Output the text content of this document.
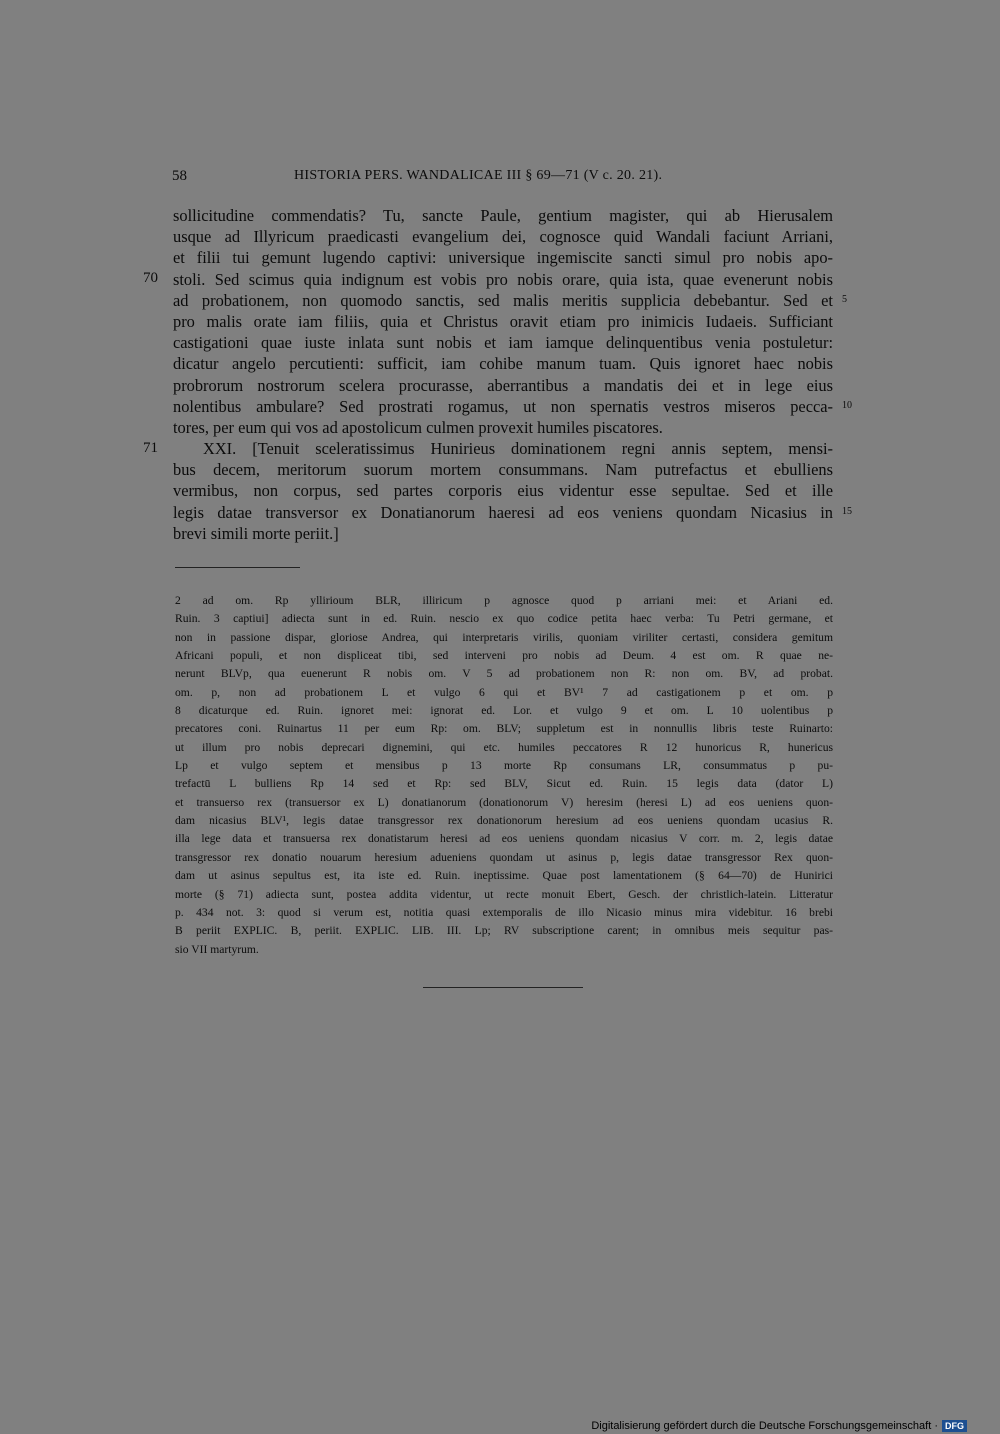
58	HISTORIA PERS. WANDALICAE III § 69—71 (V c. 20. 21).
70
71
5
10
15
sollicitudine commendatis? Tu, sancte Paule, gentium magister, qui ab Hierusalem
usque ad Illyricum praedicasti evangelium dei, cognosce quid Wandali faciunt Arriani,
et filii tui gemunt lugendo captivi: universique ingemiscite sancti simul pro nobis apo-
stoli. Sed scimus quia indignum est vobis pro nobis orare, quia ista, quae evenerunt nobis
ad probationem, non quomodo sanctis, sed malis meritis supplicia debebantur. Sed et
pro malis orate iam filiis, quia et Christus oravit etiam pro inimicis Iudaeis. Sufficiant
castigationi quae iuste inlata sunt nobis et iam iamque delinquentibus venia postuletur:
dicatur angelo percutienti: sufficit, iam cohibe manum tuam. Quis ignoret haec nobis
probrorum nostrorum scelera procurasse, aberrantibus a mandatis dei et in lege eius
nolentibus ambulare? Sed prostrati rogamus, ut non spernatis vestros miseros pecca-
tores, per eum qui vos ad apostolicum culmen provexit humiles piscatores.
XXI. [Tenuit sceleratissimus Hunirieus dominationem regni annis septem, mensi-
bus decem, meritorum suorum mortem consummans. Nam putrefactus et ebulliens
vermibus, non corpus, sed partes corporis eius videntur esse sepultae. Sed et ille
legis datae transversor ex Donatianorum haeresi ad eos veniens quondam Nicasius in
brevi simili morte periit.]
2 ad om. Rp yllirioum BLR, illiricum p agnosce quod p arriani mei: et Ariani ed.
Ruin. 3 captiui] adiecta sunt in ed. Ruin. nescio ex quo codice petita haec verba: Tu Petri germane, et
non in passione dispar, gloriose Andrea, qui interpretaris virilis, quoniam viriliter certasti, considera gemitum
Africani populi, et non displiceat tibi, sed interveni pro nobis ad Deum. 4 est om. R quae ne-
nerunt BLVp, qua euenerunt R nobis om. V 5 ad probationem non R: non om. BV, ad probat.
om. p, non ad probationem L et vulgo 6 qui et BV¹ 7 ad castigationem p et om. p
8 dicaturque ed. Ruin. ignoret mei: ignorat ed. Lor. et vulgo 9 et om. L 10 uolentibus p
precatores coni. Ruinartus 11 per eum Rp: om. BLV; suppletum est in nonnullis libris teste Ruinarto:
ut illum pro nobis deprecari dignemini, qui etc. humiles peccatores R 12 hunoricus R, hunericus
Lp et vulgo septem et mensibus p 13 morte Rp consumans LR, consummatus p pu-
trefactū L bulliens Rp 14 sed et Rp: sed BLV, Sicut ed. Ruin. 15 legis data (dator L)
et transuerso rex (transuersor ex L) donatianorum (donationorum V) heresim (heresi L) ad eos ueniens quon-
dam nicasius BLV¹, legis datae transgressor rex donationorum heresium ad eos ueniens quondam ucasius R.
illa lege data et transuersa rex donatistarum heresi ad eos ueniens quondam nicasius V corr. m. 2, legis datae
transgressor rex donatio nouarum heresium adueniens quondam ut asinus p, legis datae transgressor Rex quon-
dam ut asinus sepultus est, ita iste ed. Ruin. ineptissime. Quae post lamentationem (§ 64—70) de Hunirici
morte (§ 71) adiecta sunt, postea addita videntur, ut recte monuit Ebert, Gesch. der christlich-latein. Litteratur
p. 434 not. 3: quod si verum est, notitia quasi extemporalis de illo Nicasio minus mira videbitur. 16 brebi
B periit EXPLIC. B, periit. EXPLIC. LIB. III. Lp; RV subscriptione carent; in omnibus meis sequitur pas-
sio VII martyrum.
Digitalisierung gefördert durch die Deutsche Forschungsgemeinschaft · DFG
